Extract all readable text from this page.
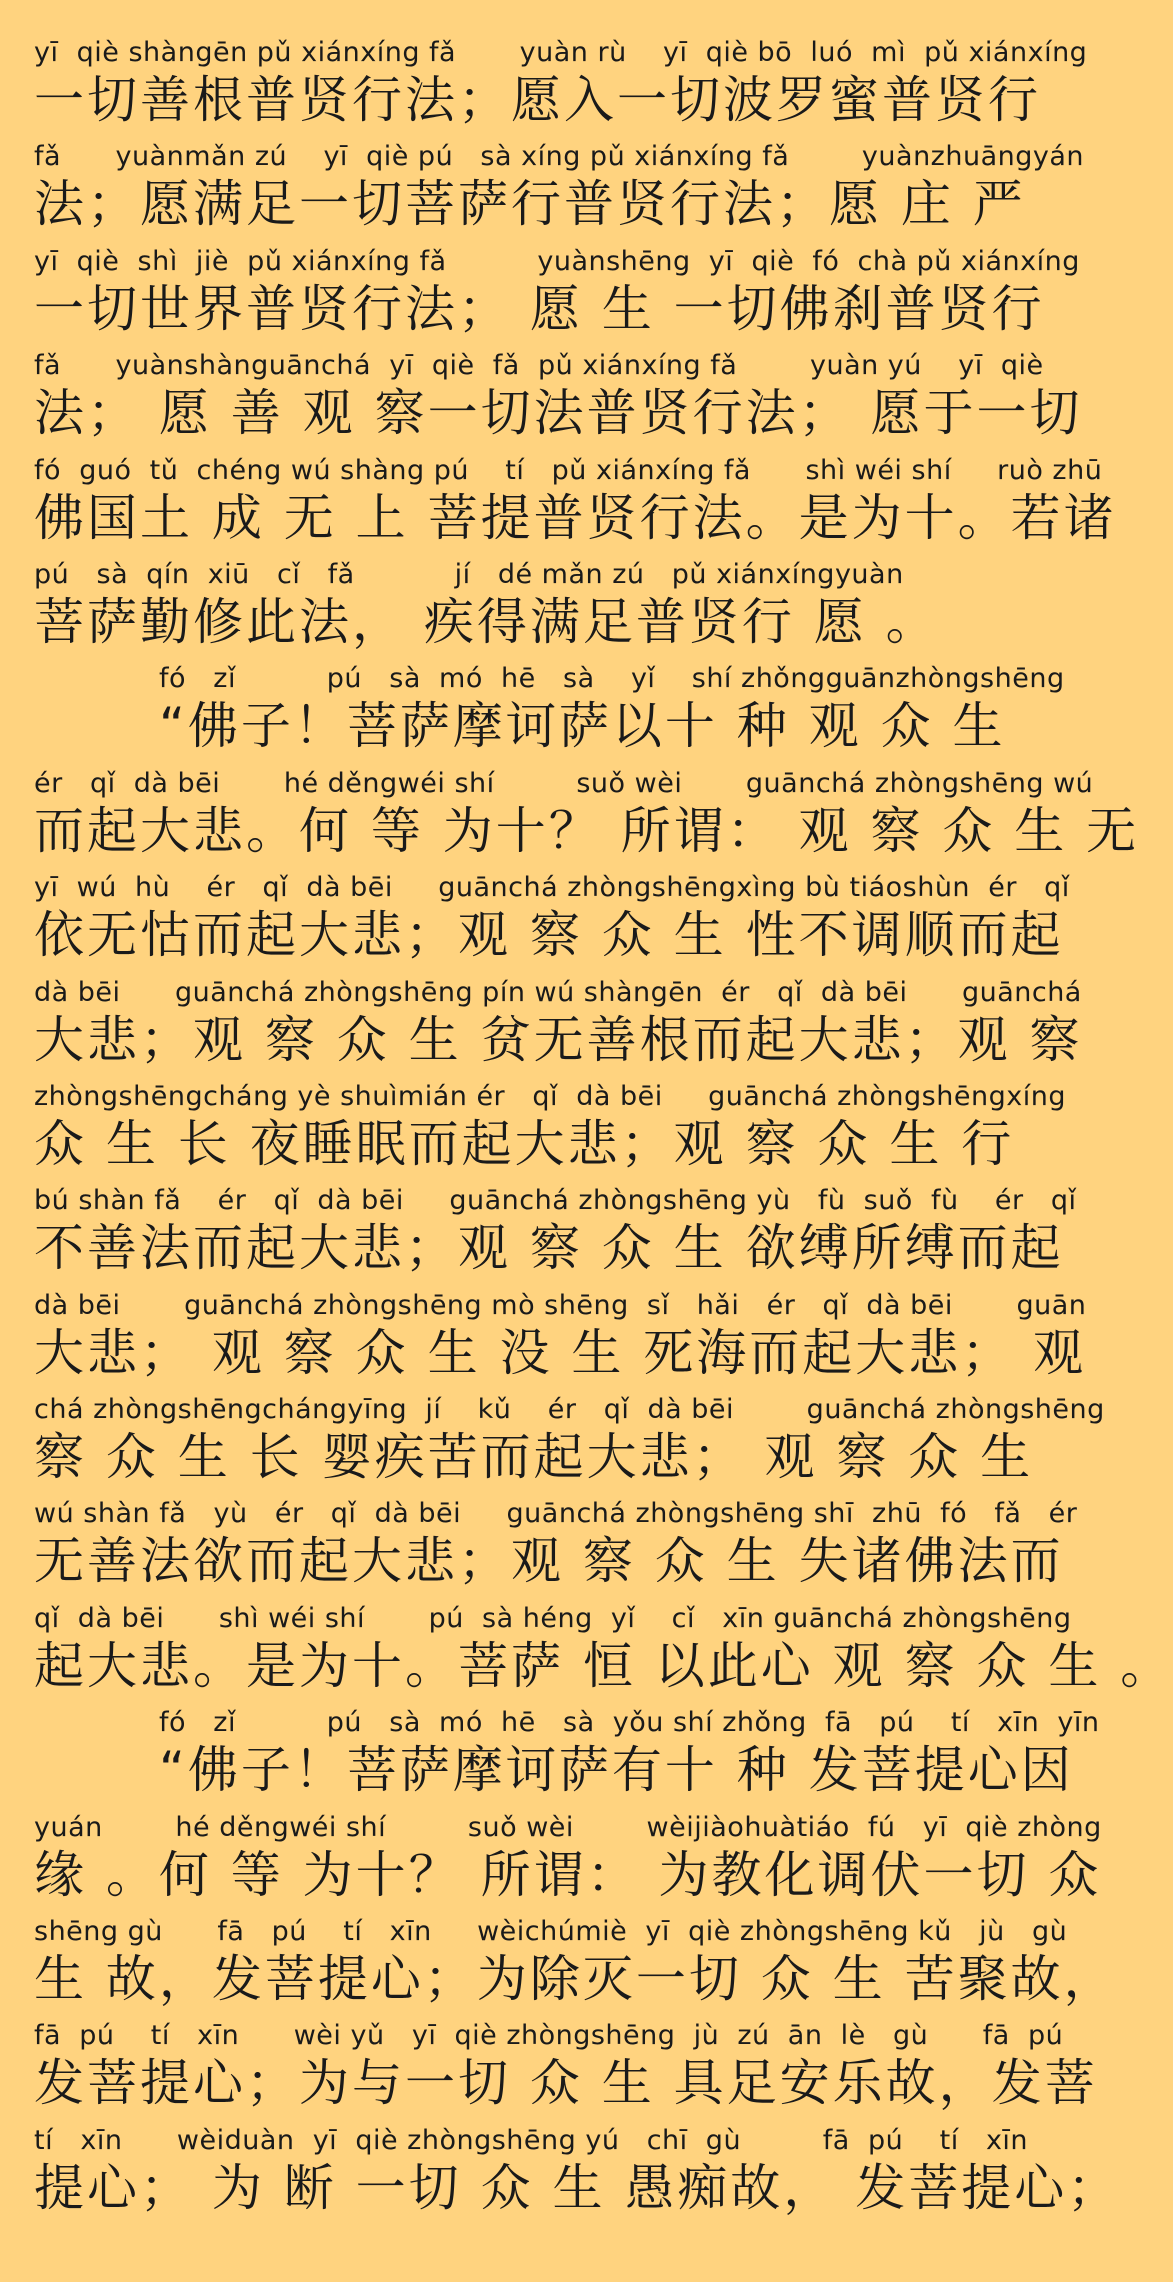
yī  qiè shàngēn pǔ xiánxíng fǎ       yuàn rù    yī  qiè bō  luó  mì  pǔ xiánxíng
一切善根普贤行法；愿入一切波罗蜜普贤行
fǎ      yuànmǎn zú    yī  qiè pú   sà xíng pǔ xiánxíng fǎ        yuànzhuāngyán
法；愿满足一切菩萨行普贤行法；愿 庄 严
yī  qiè  shì  jiè  pǔ xiánxíng fǎ          yuànshēng  yī  qiè  fó  chà pǔ xiánxíng
一切世界普贤行法； 愿 生 一切佛刹普贤行
fǎ      yuànshànguānchá  yī  qiè  fǎ  pǔ xiánxíng fǎ        yuàn yú    yī  qiè
法； 愿 善 观 察一切法普贤行法； 愿于一切
fó  guó  tǔ  chéng wú shàng pú    tí   pǔ xiánxíng fǎ      shì wéi shí     ruò zhū
佛国土 成 无 上 菩提普贤行法。是为十。若诸
pú   sà  qín  xiū   cǐ   fǎ           jí   dé mǎn zú   pǔ xiánxíngyuàn
菩萨勤修此法， 疾得满足普贤行 愿 。
fó   zǐ          pú   sà  mó  hē   sà    yǐ    shí zhǒngguānzhòngshēng
“佛子！菩萨摩诃萨以十 种 观 众 生
ér   qǐ  dà bēi       hé děngwéi shí         suǒ wèi       guānchá zhòngshēng wú
而起大悲。何 等 为十？ 所谓： 观 察 众 生 无
yī  wú  hù    ér   qǐ  dà bēi     guānchá zhòngshēngxìng bù tiáoshùn  ér   qǐ
依无怙而起大悲；观 察 众 生 性不调顺而起
dà bēi      guānchá zhòngshēng pín wú shàngēn  ér   qǐ  dà bēi      guānchá
大悲；观 察 众 生 贫无善根而起大悲；观 察
zhòngshēngcháng yè shuìmián ér   qǐ  dà bēi     guānchá zhòngshēngxíng
众 生 长 夜睡眠而起大悲；观 察 众 生 行
bú shàn fǎ    ér   qǐ  dà bēi     guānchá zhòngshēng yù   fù  suǒ  fù    ér   qǐ
不善法而起大悲；观 察 众 生 欲缚所缚而起
dà bēi       guānchá zhòngshēng mò shēng  sǐ   hǎi   ér   qǐ  dà bēi       guān
大悲； 观 察 众 生 没 生 死海而起大悲； 观
chá zhòngshēngchángyīng  jí    kǔ    ér   qǐ  dà bēi        guānchá zhòngshēng
察 众 生 长 婴疾苦而起大悲； 观 察 众 生
wú shàn fǎ   yù   ér   qǐ  dà bēi     guānchá zhòngshēng shī  zhū  fó   fǎ   ér
无善法欲而起大悲；观 察 众 生 失诸佛法而
qǐ  dà bēi      shì wéi shí       pú  sà héng  yǐ    cǐ   xīn guānchá zhòngshēng
起大悲。是为十。菩萨 恒 以此心 观 察 众 生 。
fó   zǐ          pú   sà  mó  hē   sà  yǒu shí zhǒng  fā   pú    tí   xīn  yīn
“佛子！菩萨摩诃萨有十 种 发菩提心因
yuán        hé děngwéi shí         suǒ wèi        wèijiàohuàtiáo  fú   yī  qiè zhòng
缘 。何 等 为十？ 所谓： 为教化调伏一切 众
shēng gù      fā   pú    tí   xīn     wèichúmiè  yī  qiè zhòngshēng kǔ   jù   gù
生 故，发菩提心；为除灭一切 众 生 苦聚故，
fā  pú    tí   xīn      wèi yǔ   yī  qiè zhòngshēng  jù  zú  ān  lè   gù      fā  pú
发菩提心；为与一切 众 生 具足安乐故，发菩
tí   xīn      wèiduàn  yī  qiè zhòngshēng yú   chī  gù         fā  pú    tí   xīn
提心； 为 断 一切 众 生 愚痴故， 发菩提心；
